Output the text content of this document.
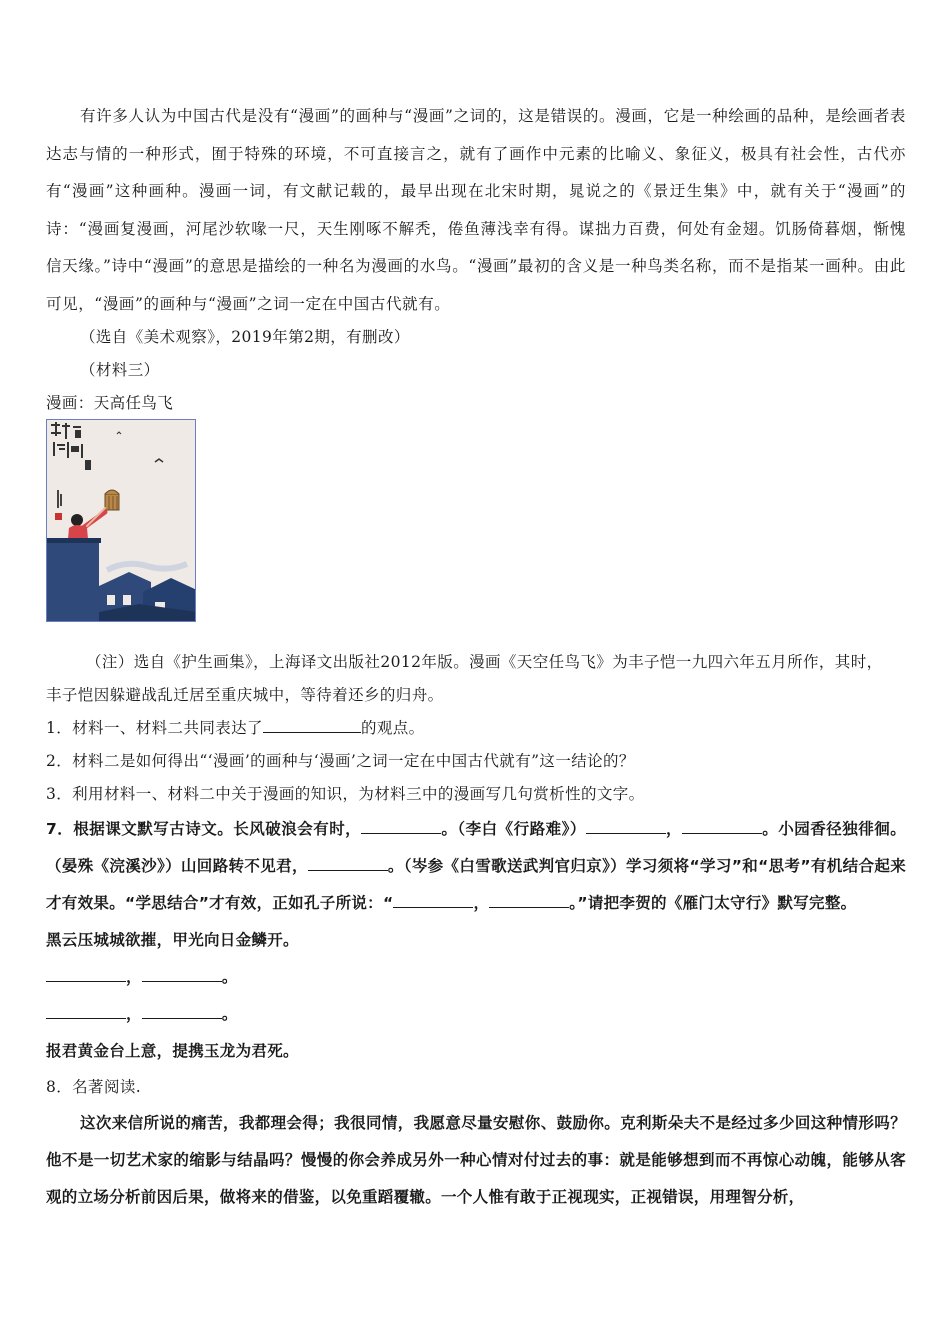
有许多人认为中国古代是没有“漫画”的画种与“漫画”之词的，这是错误的。漫画，它是一种绘画的品种，是绘画者表达志与情的一种形式，囿于特殊的环境，不可直接言之，就有了画作中元素的比喻义、象征义，极具有社会性，古代亦有“漫画”这种画种。漫画一词，有文献记载的，最早出现在北宋时期，晁说之的《景迂生集》中，就有关于“漫画”的诗：“漫画复漫画，河尾沙软喙一尺，天生刚啄不解秃，倦鱼薄浅幸有得。谋拙力百费，何处有金翅。饥肠倚暮烟，惭愧信天缘。”诗中“漫画”的意思是描绘的一种名为漫画的水鸟。“漫画”最初的含义是一种鸟类名称，而不是指某一画种。由此可见，“漫画”的画种与“漫画”之词一定在中国古代就有。

（选自《美术观察》，2019年第2期，有删改）

（材料三）

漫画：天高任鸟飞

（注）选自《护生画集》，上海译文出版社2012年版。漫画《天空任鸟飞》为丰子恺一九四六年五月所作，其时，

丰子恺因躲避战乱迁居至重庆城中，等待着还乡的归舟。

1．材料一、材料二共同表达了	的观点。

2．材料二是如何得出“‘漫画’的画种与‘漫画’之词一定在中国古代就有”这一结论的？

3．利用材料一、材料二中关于漫画的知识，为材料三中的漫画写几句赏析性的文字。

7．根据课文默写古诗文。长风破浪会有时，	。（李白《行路难》）	，	。小园香径独徘徊。（晏殊《浣溪沙》）山回路转不见君，	。（岑参《白雪歌送武判官归京》）学习须将“学习”和“思考”有机结合起来才有效果。“学思结合”才有效，正如孔子所说：“	，	。”请把李贺的《雁门太守行》默写完整。

黑云压城城欲摧，甲光向日金鳞开。

，	。

，	。

报君黄金台上意，提携玉龙为君死。

8．名著阅读.

这次来信所说的痛苦，我都理会得；我很同情，我愿意尽量安慰你、鼓励你。克利斯朵夫不是经过多少回这种情形吗？他不是一切艺术家的缩影与结晶吗？慢慢的你会养成另外一种心情对付过去的事：就是能够想到而不再惊心动魄，能够从客观的立场分析前因后果，做将来的借鉴，以免重蹈覆辙。一个人惟有敢于正视现实，正视错误，用理智分析，
